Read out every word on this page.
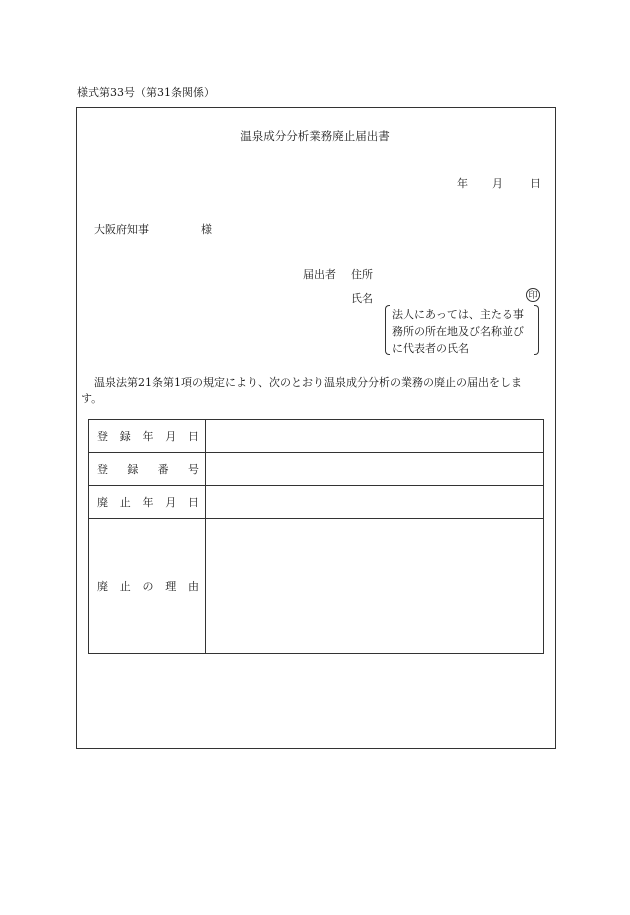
様式第33号（第31条関係）
温泉成分分析業務廃止届出書
年 月 日
大阪府知事	様
届出者 住所
氏名	印
法人にあっては、主たる事
務所の所在地及び名称並び
に代表者の氏名
温泉法第21条第1項の規定により、次のとおり温泉成分分析の業務の廃止の届出をしま
す。
登録年月日	
登録番号	
廃止年月日	
廃止の理由	
